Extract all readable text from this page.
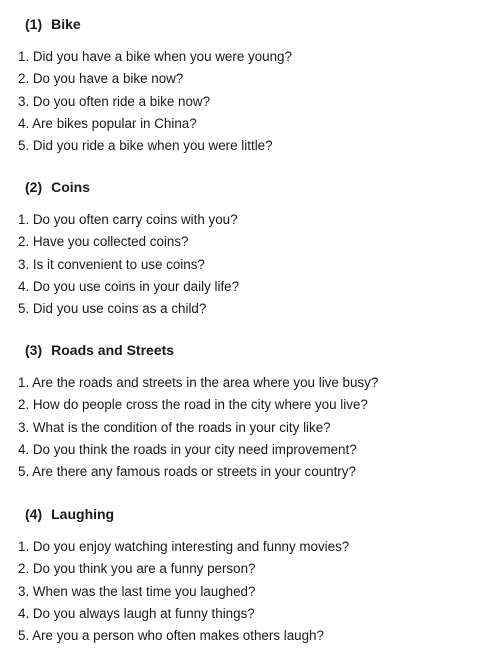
(1) Bike
1. Did you have a bike when you were young?
2. Do you have a bike now?
3. Do you often ride a bike now?
4. Are bikes popular in China?
5. Did you ride a bike when you were little?
(2) Coins
1. Do you often carry coins with you?
2. Have you collected coins?
3. Is it convenient to use coins?
4. Do you use coins in your daily life?
5. Did you use coins as a child?
(3) Roads and Streets
1. Are the roads and streets in the area where you live busy?
2. How do people cross the road in the city where you live?
3. What is the condition of the roads in your city like?
4. Do you think the roads in your city need improvement?
5. Are there any famous roads or streets in your country?
(4) Laughing
1. Do you enjoy watching interesting and funny movies?
2. Do you think you are a funny person?
3. When was the last time you laughed?
4. Do you always laugh at funny things?
5. Are you a person who often makes others laugh?
